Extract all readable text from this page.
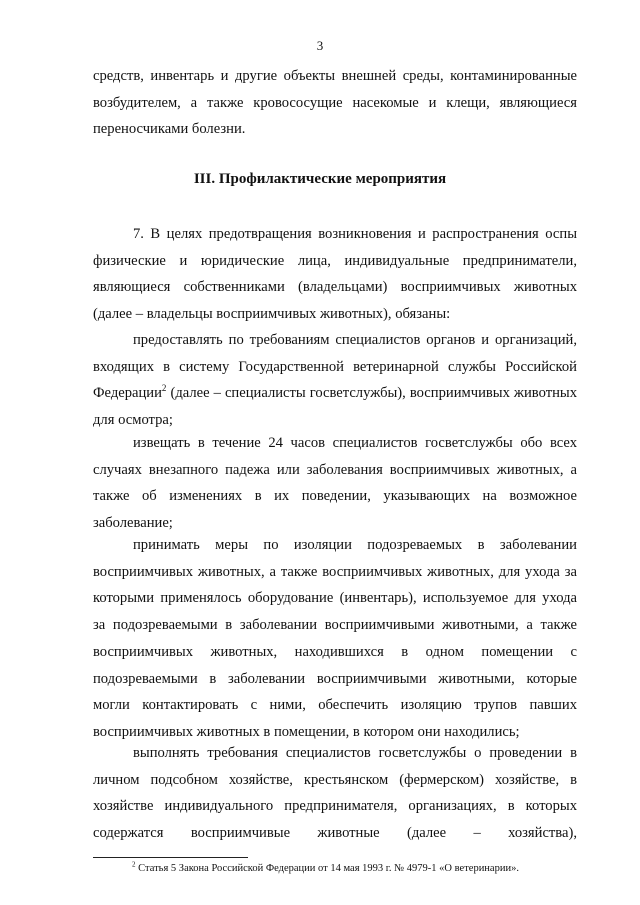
3

средств, инвентарь и другие объекты внешней среды, контаминированные возбудителем, а также кровососущие насекомые и клещи, являющиеся переносчиками болезни.

III. Профилактические мероприятия

7. В целях предотвращения возникновения и распространения оспы физические и юридические лица, индивидуальные предприниматели, являющиеся собственниками (владельцами) восприимчивых животных (далее – владельцы восприимчивых животных), обязаны:

предоставлять по требованиям специалистов органов и организаций, входящих в систему Государственной ветеринарной службы Российской Федерации$^2$ (далее – специалисты госветслужбы), восприимчивых животных для осмотра;

извещать в течение 24 часов специалистов госветслужбы обо всех случаях внезапного падежа или заболевания восприимчивых животных, а также об изменениях в их поведении, указывающих на возможное заболевание;

принимать меры по изоляции подозреваемых в заболевании восприимчивых животных, а также восприимчивых животных, для ухода за которыми применялось оборудование (инвентарь), используемое для ухода за подозреваемыми в заболевании восприимчивыми животными, а также восприимчивых животных, находившихся в одном помещении с подозреваемыми в заболевании восприимчивыми животными, которые могли контактировать с ними, обеспечить изоляцию трупов павших восприимчивых животных в помещении, в котором они находились;

выполнять требования специалистов госветслужбы о проведении в личном подсобном хозяйстве, крестьянском (фермерском) хозяйстве, в хозяйстве индивидуального предпринимателя, организациях, в которых содержатся восприимчивые животные (далее – хозяйства),

$^2$ Статья 5 Закона Российской Федерации от 14 мая 1993 г. № 4979-1 «О ветеринарии».
